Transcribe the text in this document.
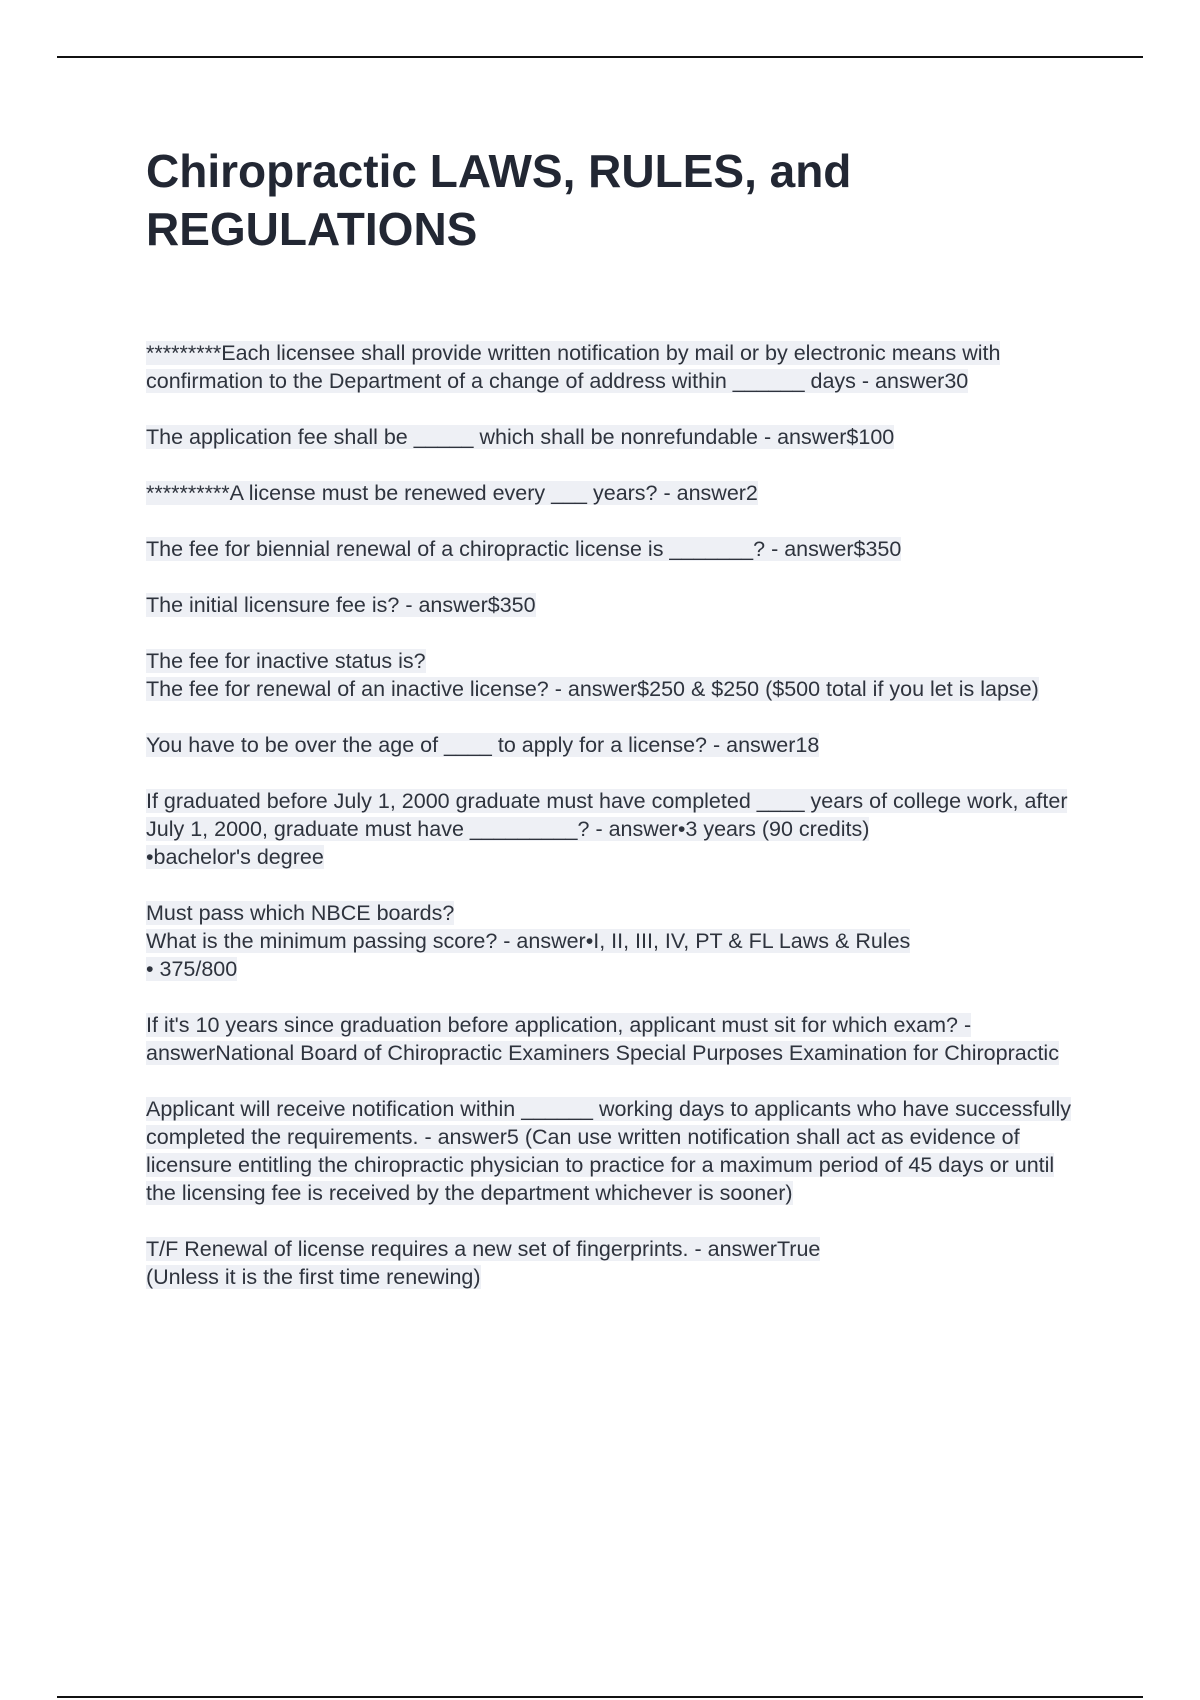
Chiropractic LAWS, RULES, and REGULATIONS

*********Each licensee shall provide written notification by mail or by electronic means with confirmation to the Department of a change of address within ______ days - answer30

The application fee shall be _____ which shall be nonrefundable - answer$100

**********A license must be renewed every ___ years? - answer2

The fee for biennial renewal of a chiropractic license is _______? - answer$350

The initial licensure fee is? - answer$350

The fee for inactive status is?
The fee for renewal of an inactive license? - answer$250 & $250 ($500 total if you let is lapse)

You have to be over the age of ____ to apply for a license? - answer18

If graduated before July 1, 2000 graduate must have completed ____ years of college work, after July 1, 2000, graduate must have _________? - answer•3 years (90 credits)
•bachelor's degree

Must pass which NBCE boards?
What is the minimum passing score? - answer•I, II, III, IV, PT & FL Laws & Rules
• 375/800

If it's 10 years since graduation before application, applicant must sit for which exam? - answerNational Board of Chiropractic Examiners Special Purposes Examination for Chiropractic

Applicant will receive notification within ______ working days to applicants who have successfully completed the requirements. - answer5 (Can use written notification shall act as evidence of licensure entitling the chiropractic physician to practice for a maximum period of 45 days or until the licensing fee is received by the department whichever is sooner)

T/F Renewal of license requires a new set of fingerprints. - answerTrue
(Unless it is the first time renewing)
